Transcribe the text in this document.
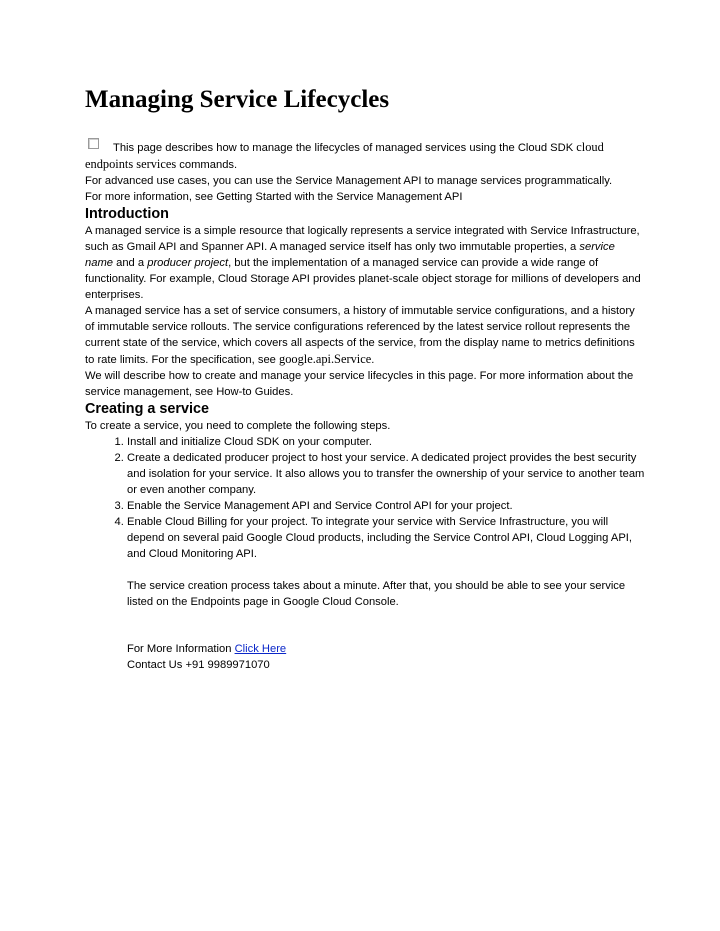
Managing Service Lifecycles
This page describes how to manage the lifecycles of managed services using the Cloud SDK cloud endpoints services commands.

For advanced use cases, you can use the Service Management API to manage services programmatically.

For more information, see Getting Started with the Service Management API

Introduction

A managed service is a simple resource that logically represents a service integrated with Service Infrastructure, such as Gmail API and Spanner API. A managed service itself has only two immutable properties, a service name and a producer project, but the implementation of a managed service can provide a wide range of functionality. For example, Cloud Storage API provides planet-scale object storage for millions of developers and enterprises.

A managed service has a set of service consumers, a history of immutable service configurations, and a history of immutable service rollouts. The service configurations referenced by the latest service rollout represents the current state of the service, which covers all aspects of the service, from the display name to metrics definitions to rate limits. For the specification, see google.api.Service.

We will describe how to create and manage your service lifecycles in this page. For more information about the service management, see How-to Guides.

Creating a service

To create a service, you need to complete the following steps.

1. Install and initialize Cloud SDK on your computer.
2. Create a dedicated producer project to host your service. A dedicated project provides the best security and isolation for your service. It also allows you to transfer the ownership of your service to another team or even another company.
3. Enable the Service Management API and Service Control API for your project.
4. Enable Cloud Billing for your project. To integrate your service with Service Infrastructure, you will depend on several paid Google Cloud products, including the Service Control API, Cloud Logging API, and Cloud Monitoring API.

The service creation process takes about a minute. After that, you should be able to see your service listed on the Endpoints page in Google Cloud Console.

For More Information Click Here

Contact Us +91 9989971070
